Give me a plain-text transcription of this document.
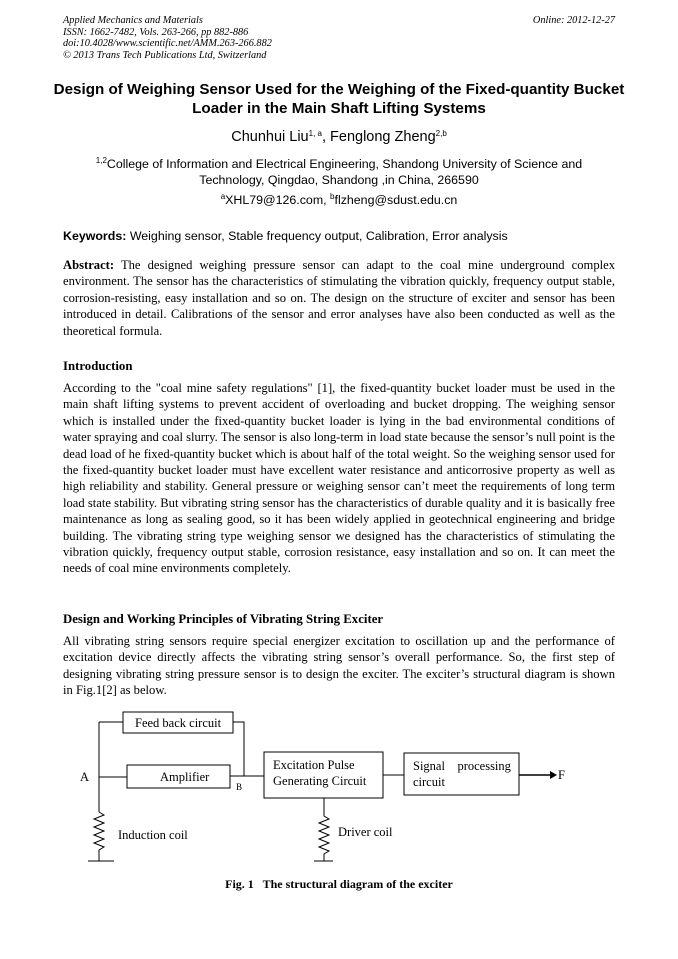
Applied Mechanics and Materials
ISSN: 1662-7482, Vols. 263-266, pp 882-886
doi:10.4028/www.scientific.net/AMM.263-266.882
© 2013 Trans Tech Publications Ltd, Switzerland
Online: 2012-12-27
Design of Weighing Sensor Used for the Weighing of the Fixed-quantity Bucket Loader in the Main Shaft Lifting Systems
Chunhui Liu$^{1, a}$, Fenglong Zheng$^{2,b}$
$^{1,2}$College of Information and Electrical Engineering, Shandong University of Science and Technology, Qingdao, Shandong ,in China, 266590
$^a$XHL79@126.com, $^b$flzheng@sdust.edu.cn
Keywords: Weighing sensor, Stable frequency output, Calibration, Error analysis
Abstract: The designed weighing pressure sensor can adapt to the coal mine underground complex environment. The sensor has the characteristics of stimulating the vibration quickly, frequency output stable, corrosion-resisting, easy installation and so on. The design on the structure of exciter and sensor has been introduced in detail. Calibrations of the sensor and error analyses have also been conducted as well as the theoretical formula.
Introduction
According to the "coal mine safety regulations" [1], the fixed-quantity bucket loader must be used in the main shaft lifting systems to prevent accident of overloading and bucket dropping. The weighing sensor which is installed under the fixed-quantity bucket loader is lying in the bad environmental conditions of water spraying and coal slurry. The sensor is also long-term in load state because the sensor’s null point is the dead load of he fixed-quantity bucket which is about half of the total weight. So the weighing sensor used for the fixed-quantity bucket loader must have excellent water resistance and anticorrosive property as well as high reliability and stability. General pressure or weighing sensor can’t meet the requirements of long term load state stability. But vibrating string sensor has the characteristics of durable quality and it is basically free maintenance as long as sealing good, so it has been widely applied in geotechnical engineering and bridge building. The vibrating string type weighing sensor we designed has the characteristics of stimulating the vibration quickly, frequency output stable, corrosion resistance, easy installation and so on. It can meet the needs of coal mine environments completely.
Design and Working Principles of Vibrating String Exciter
All vibrating string sensors require special energizer excitation to oscillation up and the performance of excitation device directly affects the vibrating string sensor’s overall performance. So, the first step of designing vibrating string pressure sensor is to design the exciter. The exciter’s structural diagram is shown in Fig.1[2] as below.
Feed back circuit
Amplifier
Excitation Pulse
Generating Circuit
Signal    processing
circuit
A
B
F
Induction coil	Driver coil
Fig. 1   The structural diagram of the exciter
